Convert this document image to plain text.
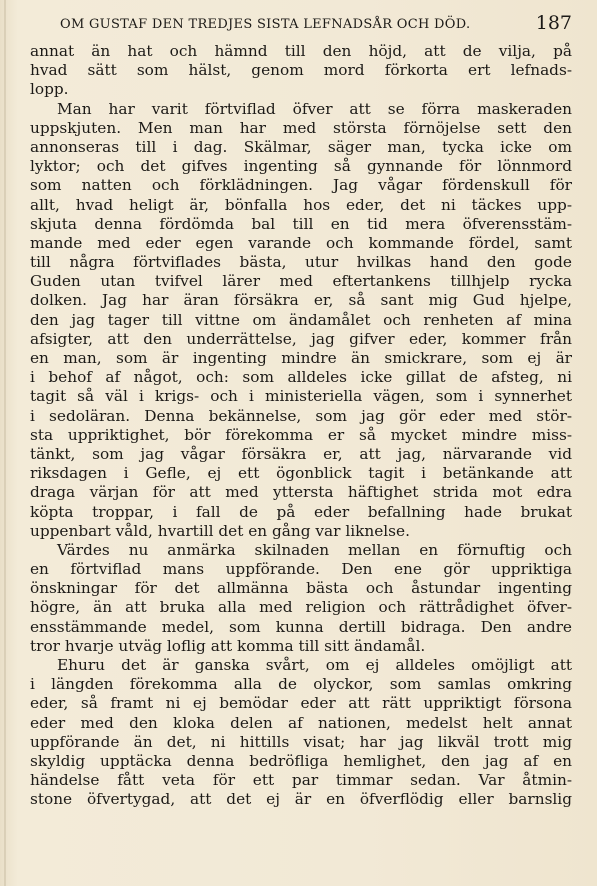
OM GUSTAF DEN TREDJES SISTA LEFNADSÅR OCH DÖD.	187
annat än hat och hämnd till den höjd, att de vilja, på
hvad sätt som hälst, genom mord förkorta ert lefnads-
lopp.
Man har varit förtviflad öfver att se förra maskeraden
uppskjuten. Men man har med största förnöjelse sett den
annonseras till i dag. Skälmar, säger man, tycka icke om
lyktor; och det gifves ingenting så gynnande för lönnmord
som natten och förklädningen. Jag vågar fördenskull för
allt, hvad heligt är, bönfalla hos eder, det ni täckes upp-
skjuta denna fördömda bal till en tid mera öfverensstäm-
mande med eder egen varande och kommande fördel, samt
till några förtviflades bästa, utur hvilkas hand den gode
Guden utan tvifvel lärer med eftertankens tillhjelp rycka
dolken. Jag har äran försäkra er, så sant mig Gud hjelpe,
den jag tager till vittne om ändamålet och renheten af mina
afsigter, att den underrättelse, jag gifver eder, kommer från
en man, som är ingenting mindre än smickrare, som ej är
i behof af något, och: som alldeles icke gillat de afsteg, ni
tagit så väl i krigs- och i ministeriella vägen, som i synnerhet
i sedoläran. Denna bekännelse, som jag gör eder med stör-
sta uppriktighet, bör förekomma er så mycket mindre miss-
tänkt, som jag vågar försäkra er, att jag, närvarande vid
riksdagen i Gefle, ej ett ögonblick tagit i betänkande att
draga värjan för att med yttersta häftighet strida mot edra
köpta troppar, i fall de på eder befallning hade brukat
uppenbart våld, hvartill det en gång var liknelse.
Värdes nu anmärka skilnaden mellan en förnuftig och
en förtviflad mans uppförande. Den ene gör uppriktiga
önskningar för det allmänna bästa och åstundar ingenting
högre, än att bruka alla med religion och rättrådighet öfver-
ensstämmande medel, som kunna dertill bidraga. Den andre
tror hvarje utväg loflig att komma till sitt ändamål.
Ehuru det är ganska svårt, om ej alldeles omöjligt att
i längden förekomma alla de olyckor, som samlas omkring
eder, så framt ni ej bemödar eder att rätt uppriktigt försona
eder med den kloka delen af nationen, medelst helt annat
uppförande än det, ni hittills visat; har jag likväl trott mig
skyldig upptäcka denna bedröfliga hemlighet, den jag af en
händelse fått veta för ett par timmar sedan. Var åtmin-
stone öfvertygad, att det ej är en öfverflödig eller barnslig
